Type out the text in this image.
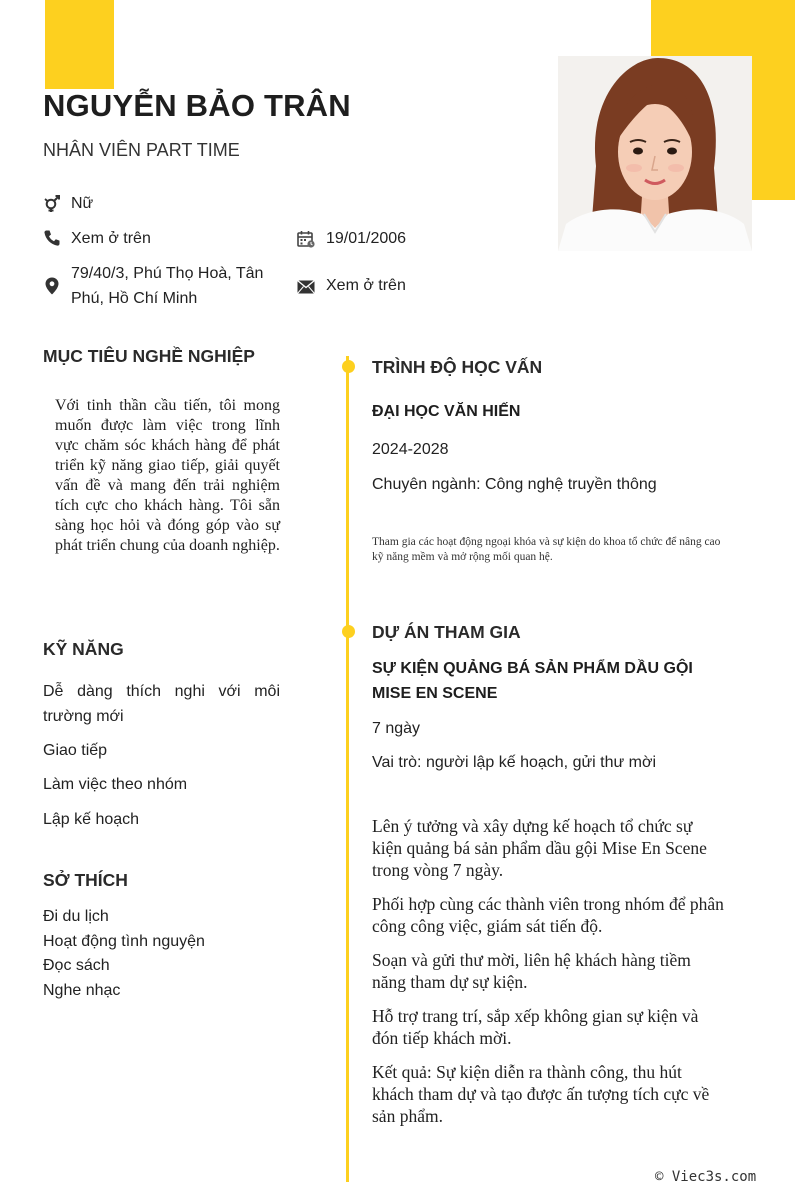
NGUYỄN BẢO TRÂN
NHÂN VIÊN PART TIME
Nữ
Xem ở trên	19/01/2006
79/40/3, Phú Thọ Hoà, Tân Phú, Hồ Chí Minh
Xem ở trên
MỤC TIÊU NGHỀ NGHIỆP
Với tinh thần cầu tiến, tôi mong muốn được làm việc trong lĩnh vực chăm sóc khách hàng để phát triển kỹ năng giao tiếp, giải quyết vấn đề và mang đến trải nghiệm tích cực cho khách hàng. Tôi sẵn sàng học hỏi và đóng góp vào sự phát triển chung của doanh nghiệp.
KỸ NĂNG
Dễ dàng thích nghi với môi trường mới
Giao tiếp
Làm việc theo nhóm
Lập kế hoạch
SỞ THÍCH
Đi du lịch
Hoạt động tình nguyện
Đọc sách
Nghe nhạc
TRÌNH ĐỘ HỌC VẤN
ĐẠI HỌC VĂN HIẾN
2024-2028
Chuyên ngành: Công nghệ truyền thông
Tham gia các hoạt động ngoại khóa và sự kiện do khoa tổ chức để nâng cao kỹ năng mềm và mở rộng mối quan hệ.
DỰ ÁN THAM GIA
SỰ KIỆN QUẢNG BÁ SẢN PHẨM DẦU GỘI MISE EN SCENE
7 ngày
Vai trò: người lập kế hoạch, gửi thư mời
Lên ý tưởng và xây dựng kế hoạch tổ chức sự kiện quảng bá sản phẩm dầu gội Mise En Scene trong vòng 7 ngày.
Phối hợp cùng các thành viên trong nhóm để phân công công việc, giám sát tiến độ.
Soạn và gửi thư mời, liên hệ khách hàng tiềm năng tham dự sự kiện.
Hỗ trợ trang trí, sắp xếp không gian sự kiện và đón tiếp khách mời.
Kết quả: Sự kiện diễn ra thành công, thu hút khách tham dự và tạo được ấn tượng tích cực về sản phẩm.
© Viec3s.com
